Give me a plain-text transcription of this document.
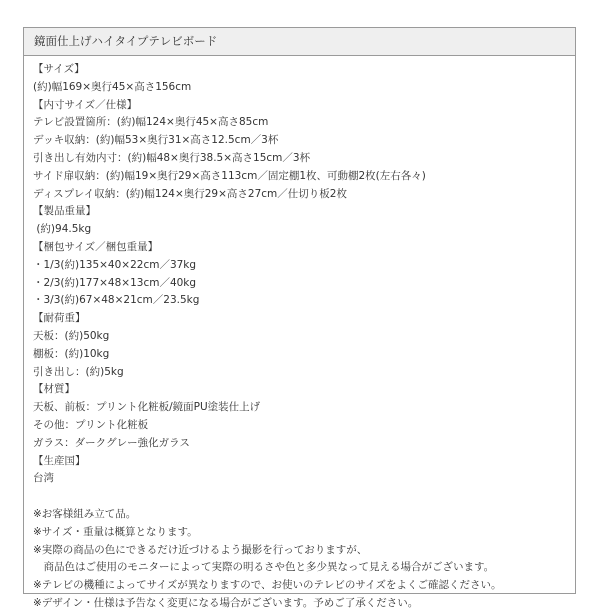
鏡面仕上げハイタイプテレビボード
【サイズ】
(約)幅169×奥行45×高さ156cm
【内寸サイズ／仕様】
テレビ設置箇所：(約)幅124×奥行45×高さ85cm
デッキ収納：(約)幅53×奥行31×高さ12.5cm／3杯
引き出し有効内寸：(約)幅48×奥行38.5×高さ15cm／3杯
サイド扉収納：(約)幅19×奥行29×高さ113cm／固定棚1枚、可動棚2枚(左右各々)
ディスプレイ収納：(約)幅124×奥行29×高さ27cm／仕切り板2枚
【製品重量】
(約)94.5kg
【梱包サイズ／梱包重量】
・1/3(約)135×40×22cm／37kg
・2/3(約)177×48×13cm／40kg
・3/3(約)67×48×21cm／23.5kg
【耐荷重】
天板：(約)50kg
棚板：(約)10kg
引き出し：(約)5kg
【材質】
天板、前板：プリント化粧板/鏡面PU塗装仕上げ
その他：プリント化粧板
ガラス：ダークグレー強化ガラス
【生産国】
台湾
※お客様組み立て品。
※サイズ・重量は概算となります。
※実際の商品の色にできるだけ近づけるよう撮影を行っておりますが、
　商品色はご使用のモニターによって実際の明るさや色と多少異なって見える場合がございます。
※テレビの機種によってサイズが異なりますので、お使いのテレビのサイズをよくご確認ください。
※デザイン・仕様は予告なく変更になる場合がございます。予めご了承ください。
